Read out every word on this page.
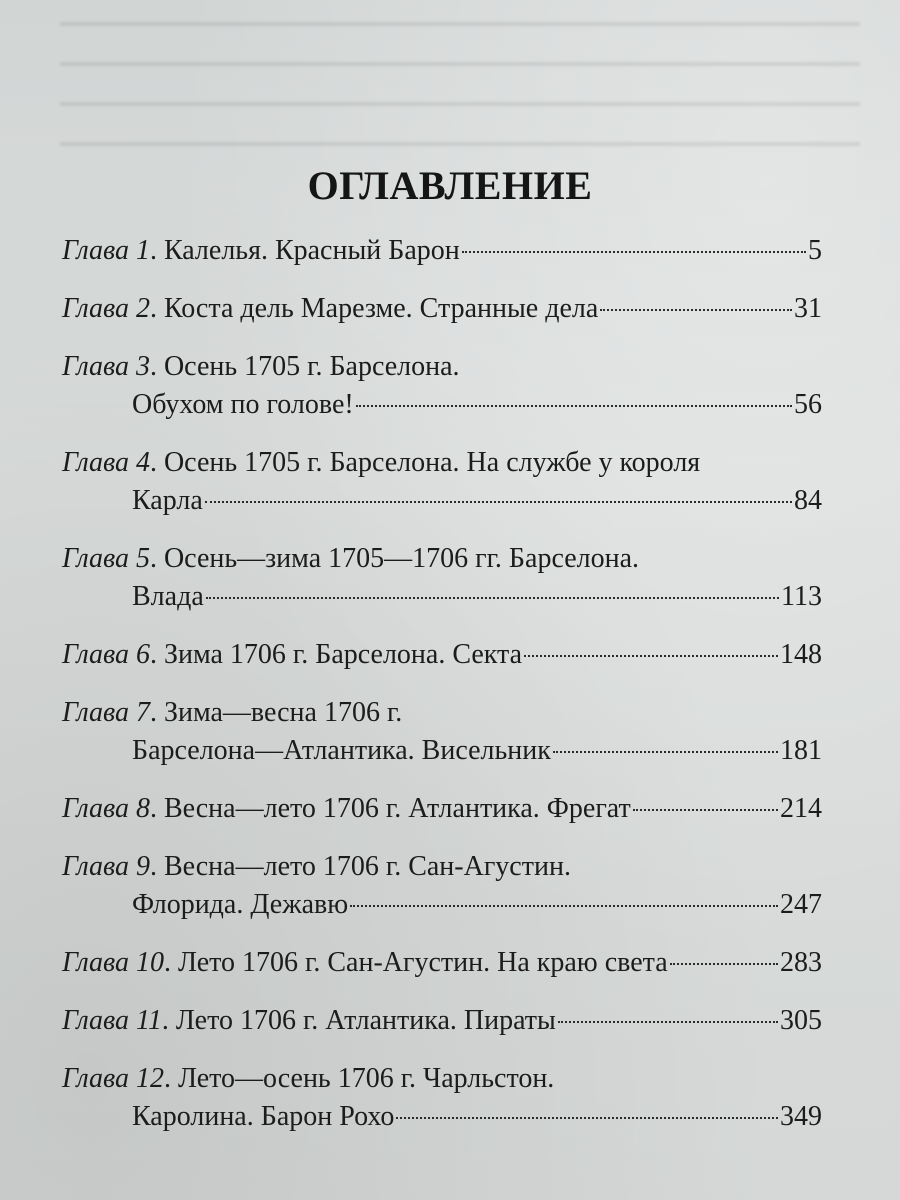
ОГЛАВЛЕНИЕ
Глава 1 . Калелья. Красный Барон	5
Глава 2 . Коста дель Марезме. Странные дела	31
Глава 3 . Осень 1705 г. Барселона.
Обухом по голове!	56
Глава 4 . Осень 1705 г. Барселона. На службе у короля
Карла	84
Глава 5 . Осень—зима 1705—1706 гг. Барселона.
Влада	113
Глава 6 . Зима 1706 г. Барселона. Секта	148
Глава 7 . Зима—весна 1706 г.
Барселона—Атлантика. Висельник	181
Глава 8 . Весна—лето 1706 г. Атлантика. Фрегат	214
Глава 9 . Весна—лето 1706 г. Сан-Агустин.
Флорида. Дежавю	247
Глава 10 . Лето 1706 г. Сан-Агустин. На краю света	283
Глава 11 . Лето 1706 г. Атлантика. Пираты	305
Глава 12 . Лето—осень 1706 г. Чарльстон.
Каролина. Барон Рохо	349
